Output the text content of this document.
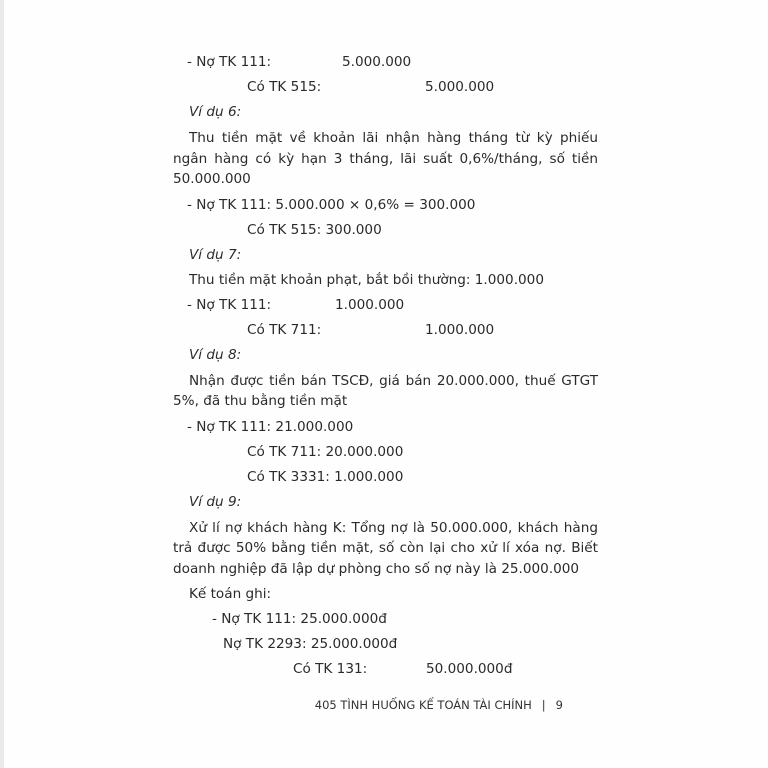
- Nợ TK 111:	5.000.000
Có TK 515:	5.000.000
Ví dụ 6:
Thu tiền mặt về khoản lãi nhận hàng tháng từ kỳ phiếu ngân hàng có kỳ hạn 3 tháng, lãi suất 0,6%/tháng, số tiền 50.000.000
- Nợ TK 111: 5.000.000 × 0,6% = 300.000
Có TK 515: 300.000
Ví dụ 7:
Thu tiền mặt khoản phạt, bắt bồi thường: 1.000.000
- Nợ TK 111:	1.000.000
Có TK 711:	1.000.000
Ví dụ 8:
Nhận được tiền bán TSCĐ, giá bán 20.000.000, thuế GTGT 5%, đã thu bằng tiền mặt
- Nợ TK 111: 21.000.000
Có TK 711: 20.000.000
Có TK 3331: 1.000.000
Ví dụ 9:
Xử lí nợ khách hàng K: Tổng nợ là 50.000.000, khách hàng trả được 50% bằng tiền mặt, số còn lại cho xử lí xóa nợ. Biết doanh nghiệp đã lập dự phòng cho số nợ này là 25.000.000
Kế toán ghi:
- Nợ TK 111: 25.000.000đ
Nợ TK 2293: 25.000.000đ
Có TK 131:	50.000.000đ
405 TÌNH HUỐNG KẾ TOÁN TÀI CHÍNH | 9
